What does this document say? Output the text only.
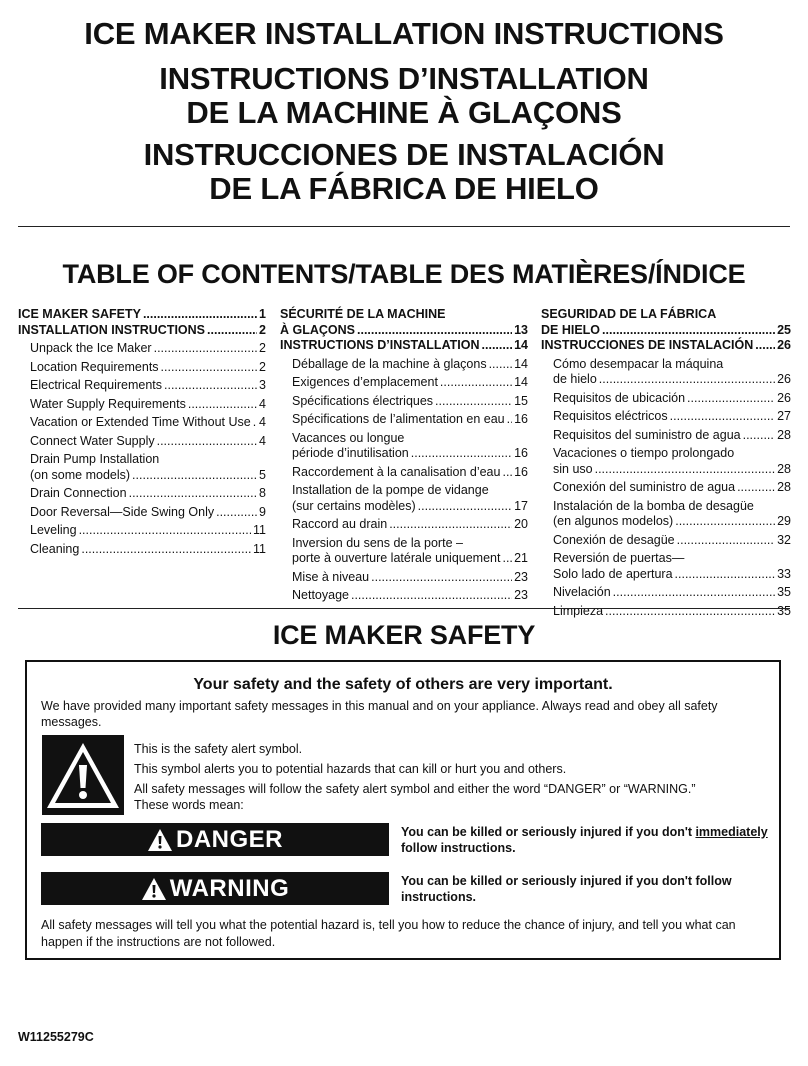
ICE MAKER INSTALLATION INSTRUCTIONS
INSTRUCTIONS D’INSTALLATION
DE LA MACHINE À GLAÇONS
INSTRUCCIONES DE INSTALACIÓN
DE LA FÁBRICA DE HIELO
TABLE OF CONTENTS/TABLE DES MATIÈRES/ÍNDICE
ICE MAKER SAFETY .....	1
INSTALLATION INSTRUCTIONS .....	2
Unpack the Ice Maker .....	2
Location Requirements .....	2
Electrical Requirements .....	3
Water Supply Requirements .....	4
Vacation or Extended Time Without Use ..... 4
Connect Water Supply .....	4
Drain Pump Installation
(on some models) .....	5
Drain Connection .....	8
Door Reversal—Side Swing Only .....	9
Leveling .....	11
Cleaning .....	11
SÉCURITÉ DE LA MACHINE
À GLAÇONS .....	13
INSTRUCTIONS D’INSTALLATION .....	14
Déballage de la machine à glaçons ..... 14
Exigences d’emplacement .....	14
Spécifications électriques .....	15
Spécifications de l’alimentation en eau ..... 16
Vacances ou longue
période d’inutilisation .....	16
Raccordement à la canalisation d’eau ..... 16
Installation de la pompe de vidange
(sur certains modèles) .....	17
Raccord au drain .....	20
Inversion du sens de la porte –
porte à ouverture latérale uniquement ..... 21
Mise à niveau .....	23
Nettoyage .....	23
SEGURIDAD DE LA FÁBRICA
DE HIELO .....	25
INSTRUCCIONES DE INSTALACIÓN ..... 26
Cómo desempacar la máquina
de hielo .....	26
Requisitos de ubicación .....	26
Requisitos eléctricos .....	27
Requisitos del suministro de agua .....	28
Vacaciones o tiempo prolongado
sin uso .....	28
Conexión del suministro de agua .....	28
Instalación de la bomba de desagüe
(en algunos modelos) .....	29
Conexión de desagüe .....	32
Reversión de puertas—
Solo lado de apertura .....	33
Nivelación .....	35
Limpieza .....	35
ICE MAKER SAFETY
Your safety and the safety of others are very important.
We have provided many important safety messages in this manual and on your appliance. Always read and obey all safety messages.
This is the safety alert symbol.
This symbol alerts you to potential hazards that can kill or hurt you and others.
All safety messages will follow the safety alert symbol and either the word “DANGER” or “WARNING.”
These words mean:
DANGER	You can be killed or seriously injured if you don't immediately
follow instructions.
WARNING	You can be killed or seriously injured if you don't follow instructions.
All safety messages will tell you what the potential hazard is, tell you how to reduce the chance of injury, and tell you what can happen if the instructions are not followed.
W11255279C
